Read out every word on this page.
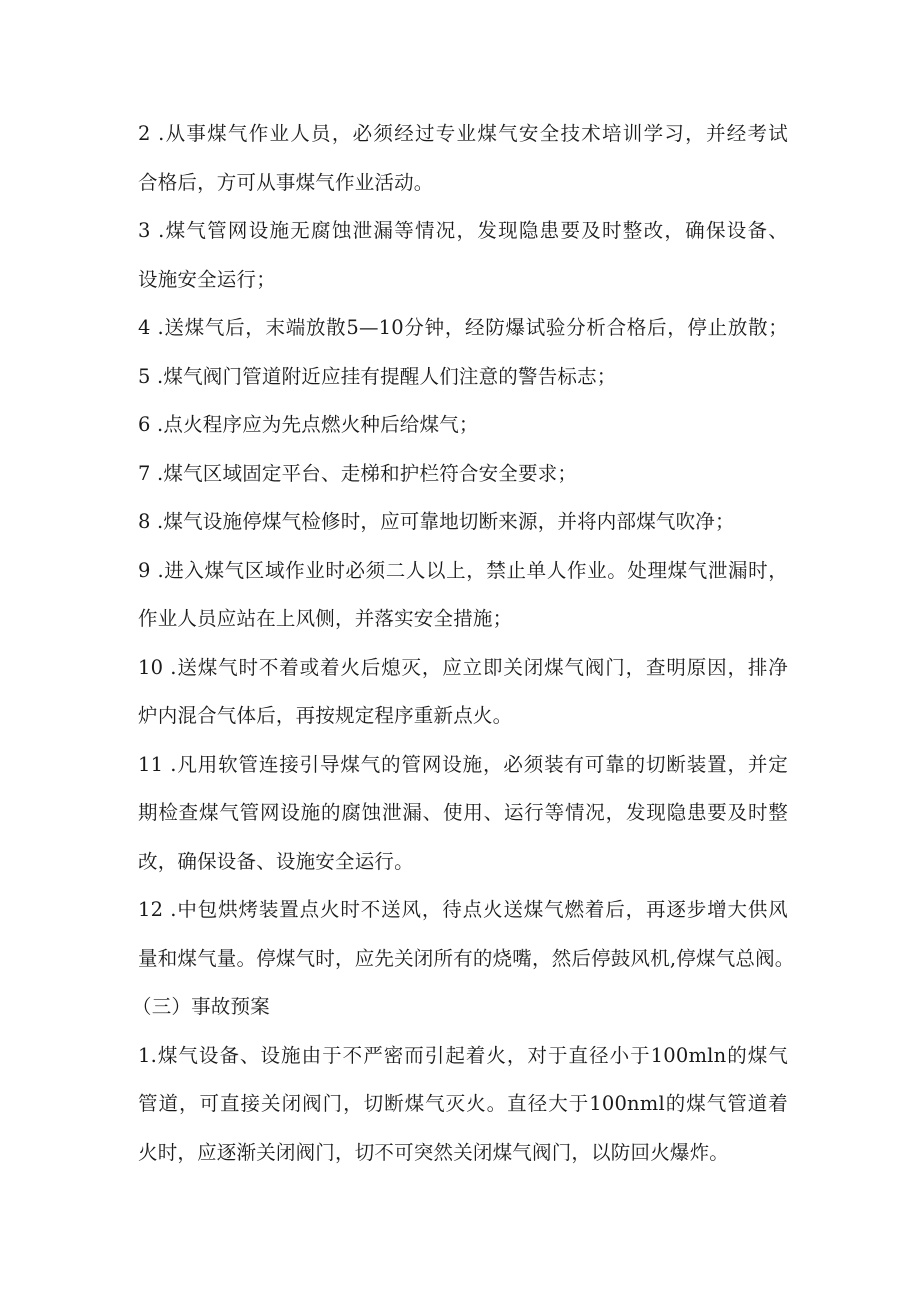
2 .从事煤气作业人员，必须经过专业煤气安全技术培训学习，并经考试
合格后，方可从事煤气作业活动。
3 .煤气管网设施无腐蚀泄漏等情况，发现隐患要及时整改，确保设备、
设施安全运行；
4 .送煤气后，末端放散5—10分钟，经防爆试验分析合格后，停止放散；
5 .煤气阀门管道附近应挂有提醒人们注意的警告标志；
6 .点火程序应为先点燃火种后给煤气；
7 .煤气区域固定平台、走梯和护栏符合安全要求；
8 .煤气设施停煤气检修时，应可靠地切断来源，并将内部煤气吹净；
9 .进入煤气区域作业时必须二人以上，禁止单人作业。处理煤气泄漏时，
作业人员应站在上风侧，并落实安全措施；
10 .送煤气时不着或着火后熄灭，应立即关闭煤气阀门，查明原因，排净
炉内混合气体后，再按规定程序重新点火。
11 .凡用软管连接引导煤气的管网设施，必须装有可靠的切断装置，并定
期检查煤气管网设施的腐蚀泄漏、使用、运行等情况，发现隐患要及时整
改，确保设备、设施安全运行。
12 .中包烘烤装置点火时不送风，待点火送煤气燃着后，再逐步增大供风
量和煤气量。停煤气时，应先关闭所有的烧嘴，然后停鼓风机,停煤气总阀。
（三）事故预案
1.煤气设备、设施由于不严密而引起着火，对于直径小于100mln的煤气
管道，可直接关闭阀门，切断煤气灭火。直径大于100nml的煤气管道着
火时，应逐渐关闭阀门，切不可突然关闭煤气阀门，以防回火爆炸。
